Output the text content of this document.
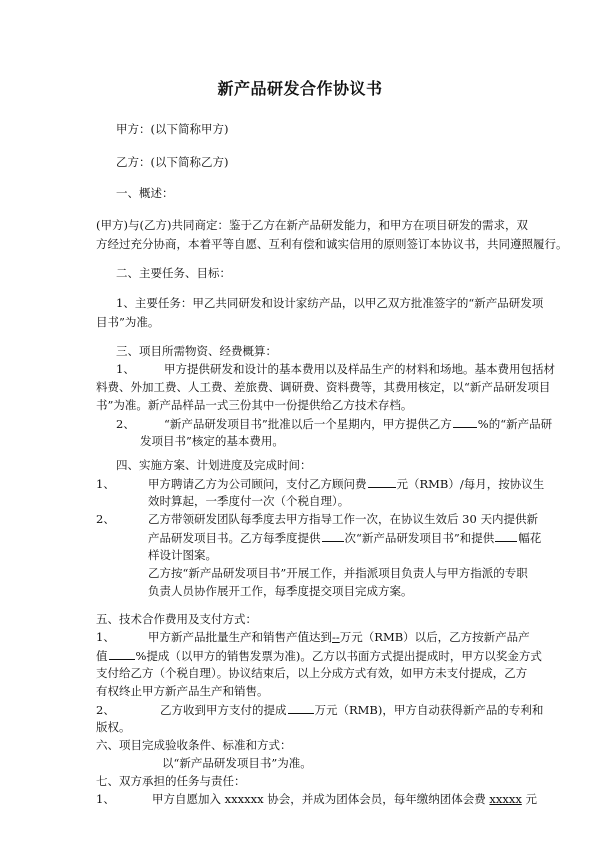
新产品研发合作协议书
甲方：(以下简称甲方)
乙方：(以下简称乙方)
一、概述：
(甲方)与(乙方)共同商定：鉴于乙方在新产品研发能力，和甲方在项目研发的需求，双
方经过充分协商，本着平等自愿、互利有偿和诚实信用的原则签订本协议书，共同遵照履行。
二、主要任务、目标：
1、主要任务：甲乙共同研发和设计家纺产品，以甲乙双方批准签字的“新产品研发项
目书”为准。
三、项目所需物资、经费概算：
1、	甲方提供研发和设计的基本费用以及样品生产的材料和场地。基本费用包括材
料费、外加工费、人工费、差旅费、调研费、资料费等，其费用核定，以“新产品研发项目
书”为准。新产品样品一式三份其中一份提供给乙方技术存档。
2、	“新产品研发项目书”批准以后一个星期内，甲方提供乙方 %的“新产品研
发项目书”核定的基本费用。
四、实施方案、计划进度及完成时间：
1、	甲方聘请乙方为公司顾问，支付乙方顾问费	元（RMB）/每月，按协议生
效时算起，一季度付一次（个税自理）。
2、	乙方带领研发团队每季度去甲方指导工作一次，在协议生效后 30 天内提供新
产品研发项目书。乙方每季度提供 次“新产品研发项目书”和提供 幅花
样设计图案。
乙方按“新产品研发项目书”开展工作，并指派项目负责人与甲方指派的专职
负责人员协作展开工作，每季度提交项目完成方案。
五、技术合作费用及支付方式：
1、	甲方新产品批量生产和销售产值达到--万元（RMB）以后，乙方按新产品产
值 %提成（以甲方的销售发票为准)。乙方以书面方式提出提成时，甲方以奖金方式
支付给乙方（个税自理）。协议结束后，以上分成方式有效，如甲方未支付提成，乙方
有权终止甲方新产品生产和销售。
2、	乙方收到甲方支付的提成 万元（RMB)，甲方自动获得新产品的专利和
版权。
六、项目完成验收条件、标准和方式：
以“新产品研发项目书”为准。
七、双方承担的任务与责任：
1、	甲方自愿加入 xxxxxx 协会，并成为团体会员，每年缴纳团体会费 xxxxx 元
